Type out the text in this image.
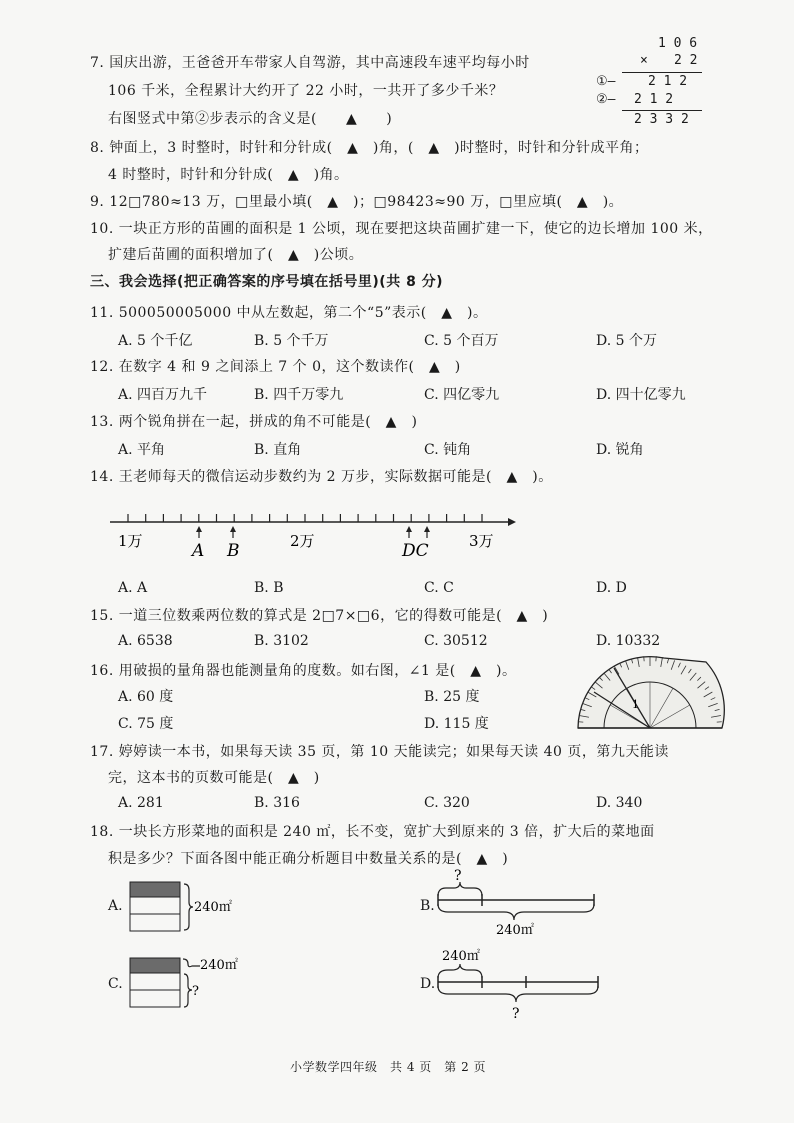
7. 国庆出游，王爸爸开车带家人自驾游，其中高速段车速平均每小时
106 千米，全程累计大约开了 22 小时，一共开了多少千米？
右图竖式中第②步表示的含义是(　　▲　　)
1 0 6
× 2 2
①—	2 1 2
②— 2 1 2
2 3 3 2
8. 钟面上，3 时整时，时针和分针成(　▲　)角，(　▲　)时整时，时针和分针成平角；
4 时整时，时针和分针成(　▲　)角。
9. 12□780≈13 万，□里最小填(　▲　)；□98423≈90 万，□里应填(　▲　)。
10. 一块正方形的苗圃的面积是 1 公顷，现在要把这块苗圃扩建一下，使它的边长增加 100 米，
扩建后苗圃的面积增加了(　▲　)公顷。
三、我会选择(把正确答案的序号填在括号里)(共 8 分)
11. 500050005000 中从左数起，第二个“5”表示(　▲　)。
A. 5 个千亿	B. 5 个千万	C. 5 个百万	D. 5 个万
12. 在数字 4 和 9 之间添上 7 个 0，这个数读作(　▲　)
A. 四百万九千	B. 四千万零九	C. 四亿零九	D. 四十亿零九
13. 两个锐角拼在一起，拼成的角不可能是(　▲　)
A. 平角	B. 直角	C. 钝角	D. 锐角
14. 王老师每天的微信运动步数约为 2 万步，实际数据可能是(　▲　)。
1万	2万	3万
A B	DC
A. A	B. B	C. C	D. D
15. 一道三位数乘两位数的算式是 2□7×□6，它的得数可能是(　▲　)
A. 6538	B. 3102	C. 30512	D. 10332
16. 用破损的量角器也能测量角的度数。如右图，∠1 是(　▲　)。
A. 60 度	B. 25 度
C. 75 度	D. 115 度
1
17. 婷婷读一本书，如果每天读 35 页，第 10 天能读完；如果每天读 40 页，第九天能读
完，这本书的页数可能是(　▲　)
A. 281	B. 316	C. 320	D. 340
18. 一块长方形菜地的面积是 240 ㎡，长不变，宽扩大到原来的 3 倍，扩大后的菜地面
积是多少？下面各图中能正确分析题目中数量关系的是(　▲　)
A.	240㎡	B.
?
240㎡
C.
240㎡
?	D.
240㎡
?
小学数学四年级　共 4 页　第 2 页
